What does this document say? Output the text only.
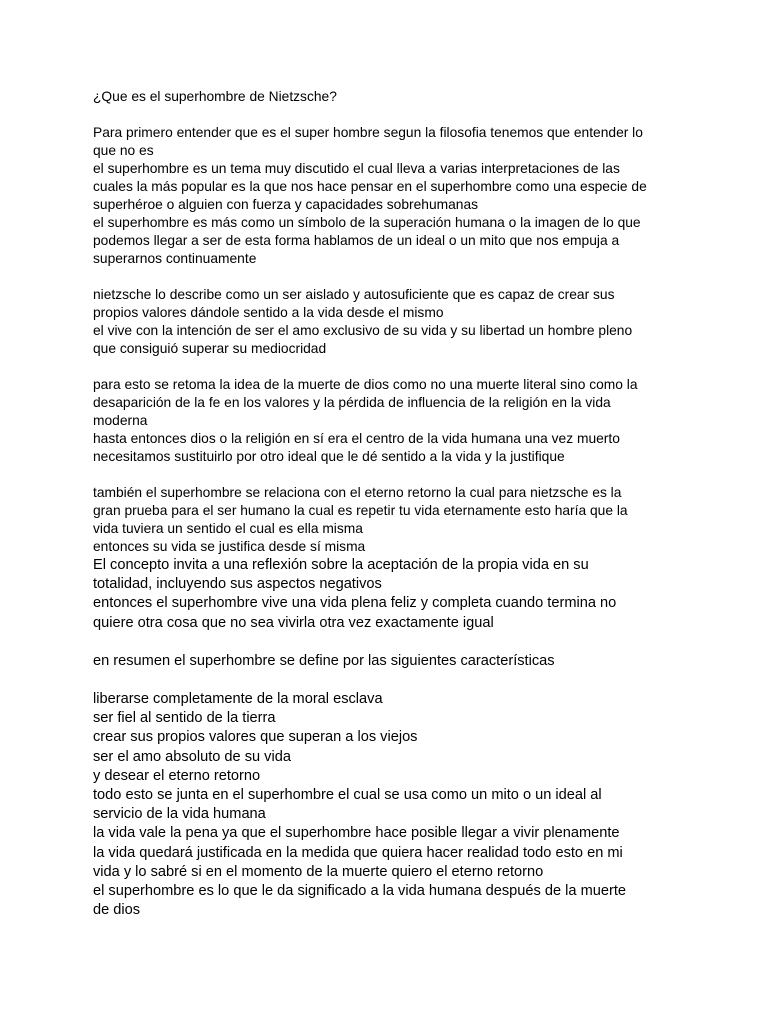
¿Que es el superhombre de Nietzsche?
Para primero entender que es el super hombre segun la filosofia tenemos que entender lo
que no es
el superhombre es un tema muy discutido el cual lleva a varias interpretaciones de las
cuales la más popular es la que nos hace pensar en el superhombre como una especie de
superhéroe o alguien con fuerza y capacidades sobrehumanas
el superhombre es más como un símbolo de la superación humana o la imagen de lo que
podemos llegar a ser de esta forma hablamos de un ideal o un mito que nos empuja a
superarnos continuamente
nietzsche lo describe como un ser aislado y autosuficiente que es capaz de crear sus
propios valores dándole sentido a la vida desde el mismo
el vive con la intención de ser el amo exclusivo de su vida y su libertad un hombre pleno
que consiguió superar su mediocridad
para esto se retoma la idea de la muerte de dios como no una muerte literal sino como la
desaparición de la fe en los valores y la pérdida de influencia de la religión en la vida
moderna
hasta entonces dios o la religión en sí era el centro de la vida humana una vez muerto
necesitamos sustituirlo por otro ideal que le dé sentido a la vida y la justifique
también el superhombre se relaciona con el eterno retorno la cual para nietzsche es la
gran prueba para el ser humano la cual es repetir tu vida eternamente esto haría que la
vida tuviera un sentido el cual es ella misma
entonces su vida se justifica desde sí misma
El concepto invita a una reflexión sobre la aceptación de la propia vida en su
totalidad, incluyendo sus aspectos negativos
entonces el superhombre vive una vida plena feliz y completa cuando termina no
quiere otra cosa que no sea vivirla otra vez exactamente igual
en resumen el superhombre se define por las siguientes características
liberarse completamente de la moral esclava
ser fiel al sentido de la tierra
crear sus propios valores que superan a los viejos
ser el amo absoluto de su vida
y desear el eterno retorno
todo esto se junta en el superhombre el cual se usa como un mito o un ideal al
servicio de la vida humana
la vida vale la pena ya que el superhombre hace posible llegar a vivir plenamente
la vida quedará justificada en la medida que quiera hacer realidad todo esto en mi
vida y lo sabré si en el momento de la muerte quiero el eterno retorno
el superhombre es lo que le da significado a la vida humana después de la muerte
de dios
